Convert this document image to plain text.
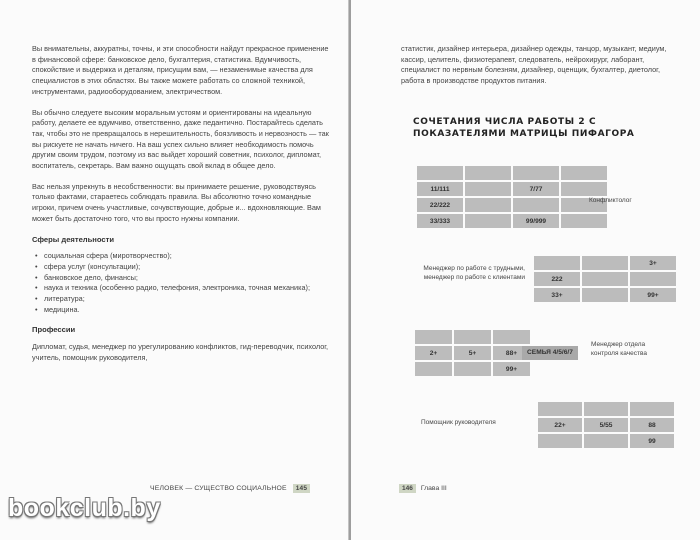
Вы внимательны, аккуратны, точны, и эти способности найдут прекрасное применение в финансовой сфере: банковское дело, бухгалтерия, статистика. Вдумчивость, спокойствие и выдержка и деталям, присущим вам, — незаменимые качества для специалистов в этих областях. Вы также можете работать со сложной техникой, инструментами, радиооборудованием, электричеством.

Вы обычно следуете высоким моральным устоям и ориентированы на идеальную работу, делаете ее вдумчиво, ответственно, даже педантично. Постарайтесь сделать так, чтобы это не превращалось в нерешительность, боязливость и нервозность — так вы рискуете не начать ничего. На ваш успех сильно влияет необходимость помочь другим своим трудом, поэтому из вас выйдет хороший советник, психолог, дипломат, воспитатель, секретарь. Вам важно ощущать свой вклад в общее дело.

Вас нельзя упрекнуть в несобственности: вы принимаете решение, руководствуясь только фактами, стараетесь соблюдать правила. Вы абсолютно точно командные игроки, причем очень участливые, сочувствующие, добрые и... вдохновляющие. Вам может быть достаточно того, что вы просто нужны компании.

Сферы деятельности
• социальная сфера (миротворчество);
• сфера услуг (консультации);
• банковское дело, финансы;
• наука и техника (особенно радио, телефония, электроника, точная механика);
• литература;
• медицина.
Профессии

Дипломат, судья, менеджер по урегулированию конфликтов, гид-переводчик, психолог, учитель, помощник руководителя,

ЧЕЛОВЕК — СУЩЕСТВО СОЦИАЛЬНОЕ 145
статистик, дизайнер интерьера, дизайнер одежды, танцор, музыкант, медиум, кассир, целитель, физиотерапевт, следователь, нейрохирург, лаборант, специалист по нервным болезням, дизайнер, оценщик, бухгалтер, диетолог, работа в производстве продуктов питания.
СОЧЕТАНИЯ ЧИСЛА РАБОТЫ 2 С ПОКАЗАТЕЛЯМИ МАТРИЦЫ ПИФАГОРА

11/111		7/77	
22/222			
33/333		99/999	
Конфликтолог
		3+
222		
33+		99+
Менеджер по работе с трудными, менеджер по работе с клиентами

2+	5+	88+
		99+
СЕМЬЯ 4/5/6/7
Менеджер отдела контроля качества

22+	5/55	88
		99
Помощник руководителя
146 Глава III
bookclub.by
